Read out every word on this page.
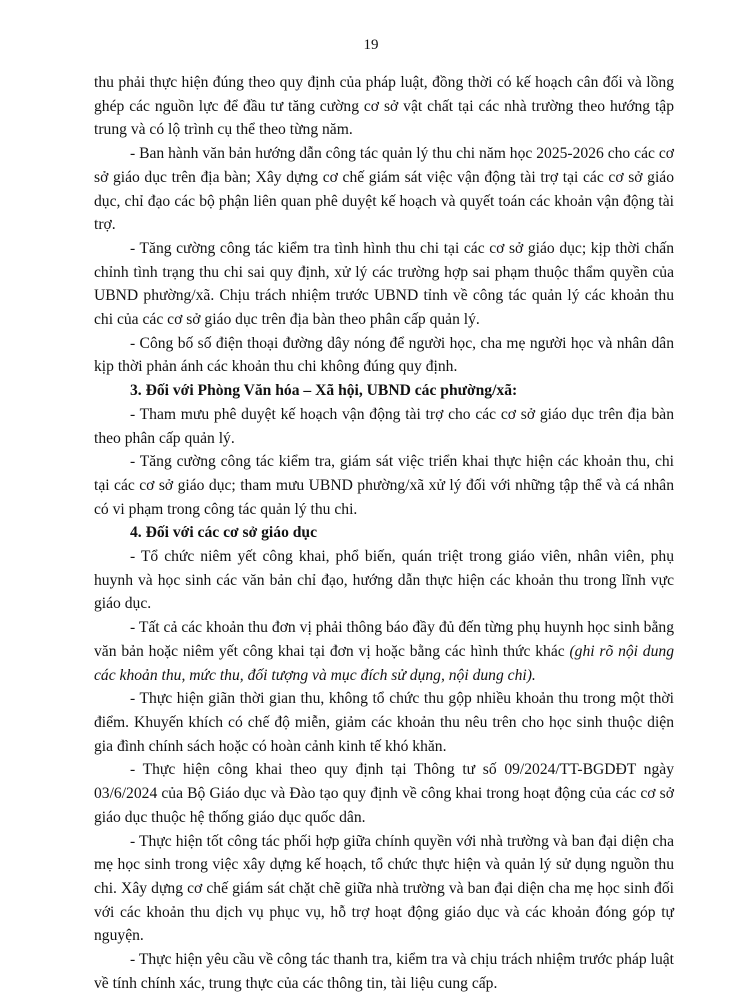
19

thu phải thực hiện đúng theo quy định của pháp luật, đồng thời có kế hoạch cân đối và lồng ghép các nguồn lực để đầu tư tăng cường cơ sở vật chất tại các nhà trường theo hướng tập trung và có lộ trình cụ thể theo từng năm.

- Ban hành văn bản hướng dẫn công tác quản lý thu chi năm học 2025-2026 cho các cơ sở giáo dục trên địa bàn; Xây dựng cơ chế giám sát việc vận động tài trợ tại các cơ sở giáo dục, chỉ đạo các bộ phận liên quan phê duyệt kế hoạch và quyết toán các khoản vận động tài trợ.

- Tăng cường công tác kiểm tra tình hình thu chi tại các cơ sở giáo dục; kịp thời chấn chỉnh tình trạng thu chi sai quy định, xử lý các trường hợp sai phạm thuộc thẩm quyền của UBND phường/xã. Chịu trách nhiệm trước UBND tỉnh về công tác quản lý các khoản thu chi của các cơ sở giáo dục trên địa bàn theo phân cấp quản lý.

- Công bố số điện thoại đường dây nóng để người học, cha mẹ người học và nhân dân kịp thời phản ánh các khoản thu chi không đúng quy định.

3. Đối với Phòng Văn hóa – Xã hội, UBND các phường/xã:

- Tham mưu phê duyệt kế hoạch vận động tài trợ cho các cơ sở giáo dục trên địa bàn theo phân cấp quản lý.

- Tăng cường công tác kiểm tra, giám sát việc triển khai thực hiện các khoản thu, chi tại các cơ sở giáo dục; tham mưu UBND phường/xã xử lý đối với những tập thể và cá nhân có vi phạm trong công tác quản lý thu chi.

4. Đối với các cơ sở giáo dục

- Tổ chức niêm yết công khai, phổ biến, quán triệt trong giáo viên, nhân viên, phụ huynh và học sinh các văn bản chỉ đạo, hướng dẫn thực hiện các khoản thu trong lĩnh vực giáo dục.

- Tất cả các khoản thu đơn vị phải thông báo đầy đủ đến từng phụ huynh học sinh bằng văn bản hoặc niêm yết công khai tại đơn vị hoặc bằng các hình thức khác (ghi rõ nội dung các khoản thu, mức thu, đối tượng và mục đích sử dụng, nội dung chi).

- Thực hiện giãn thời gian thu, không tổ chức thu gộp nhiều khoản thu trong một thời điểm. Khuyến khích có chế độ miễn, giảm các khoản thu nêu trên cho học sinh thuộc diện gia đình chính sách hoặc có hoàn cảnh kinh tế khó khăn.

- Thực hiện công khai theo quy định tại Thông tư số 09/2024/TT-BGDĐT ngày 03/6/2024 của Bộ Giáo dục và Đào tạo quy định về công khai trong hoạt động của các cơ sở giáo dục thuộc hệ thống giáo dục quốc dân.

- Thực hiện tốt công tác phối hợp giữa chính quyền với nhà trường và ban đại diện cha mẹ học sinh trong việc xây dựng kế hoạch, tổ chức thực hiện và quản lý sử dụng nguồn thu chi. Xây dựng cơ chế giám sát chặt chẽ giữa nhà trường và ban đại diện cha mẹ học sinh đối với các khoản thu dịch vụ phục vụ, hỗ trợ hoạt động giáo dục và các khoản đóng góp tự nguyện.

- Thực hiện yêu cầu về công tác thanh tra, kiểm tra và chịu trách nhiệm trước pháp luật về tính chính xác, trung thực của các thông tin, tài liệu cung cấp.
